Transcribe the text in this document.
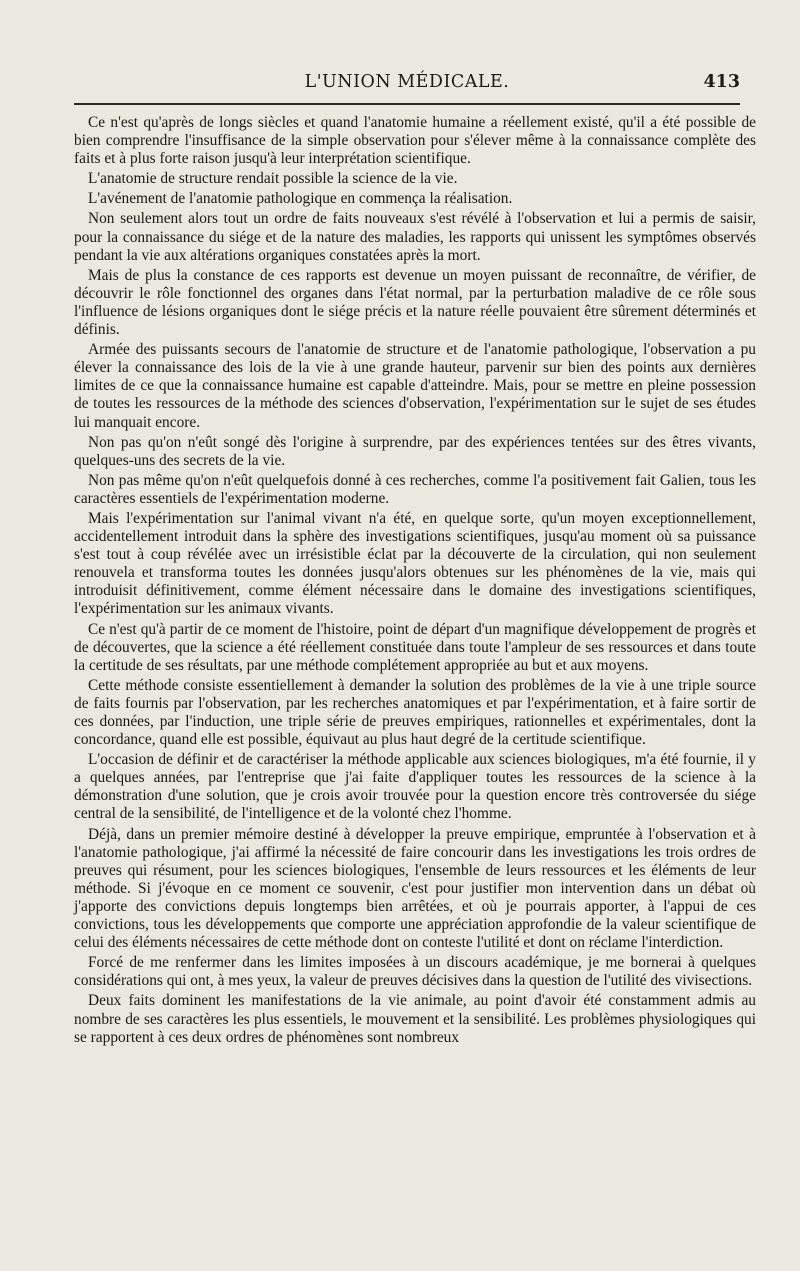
L'UNION MÉDICALE.	413

Ce n'est qu'après de longs siècles et quand l'anatomie humaine a réellement existé, qu'il a été possible de bien comprendre l'insuffisance de la simple observation pour s'élever même à la connaissance complète des faits et à plus forte raison jusqu'à leur interprétation scientifique.

L'anatomie de structure rendait possible la science de la vie.

L'avénement de l'anatomie pathologique en commença la réalisation.

Non seulement alors tout un ordre de faits nouveaux s'est révélé à l'observation et lui a permis de saisir, pour la connaissance du siége et de la nature des maladies, les rapports qui unissent les symptômes observés pendant la vie aux altérations organiques constatées après la mort.

Mais de plus la constance de ces rapports est devenue un moyen puissant de reconnaître, de vérifier, de découvrir le rôle fonctionnel des organes dans l'état normal, par la perturbation maladive de ce rôle sous l'influence de lésions organiques dont le siége précis et la nature réelle pouvaient être sûrement déterminés et définis.

Armée des puissants secours de l'anatomie de structure et de l'anatomie pathologique, l'observation a pu élever la connaissance des lois de la vie à une grande hauteur, parvenir sur bien des points aux dernières limites de ce que la connaissance humaine est capable d'atteindre. Mais, pour se mettre en pleine possession de toutes les ressources de la méthode des sciences d'observation, l'expérimentation sur le sujet de ses études lui manquait encore.

Non pas qu'on n'eût songé dès l'origine à surprendre, par des expériences tentées sur des êtres vivants, quelques-uns des secrets de la vie.

Non pas même qu'on n'eût quelquefois donné à ces recherches, comme l'a positivement fait Galien, tous les caractères essentiels de l'expérimentation moderne.

Mais l'expérimentation sur l'animal vivant n'a été, en quelque sorte, qu'un moyen exceptionnellement, accidentellement introduit dans la sphère des investigations scientifiques, jusqu'au moment où sa puissance s'est tout à coup révélée avec un irrésistible éclat par la découverte de la circulation, qui non seulement renouvela et transforma toutes les données jusqu'alors obtenues sur les phénomènes de la vie, mais qui introduisit définitivement, comme élément nécessaire dans le domaine des investigations scientifiques, l'expérimentation sur les animaux vivants.

Ce n'est qu'à partir de ce moment de l'histoire, point de départ d'un magnifique développement de progrès et de découvertes, que la science a été réellement constituée dans toute l'ampleur de ses ressources et dans toute la certitude de ses résultats, par une méthode complétement appropriée au but et aux moyens.

Cette méthode consiste essentiellement à demander la solution des problèmes de la vie à une triple source de faits fournis par l'observation, par les recherches anatomiques et par l'expérimentation, et à faire sortir de ces données, par l'induction, une triple série de preuves empiriques, rationnelles et expérimentales, dont la concordance, quand elle est possible, équivaut au plus haut degré de la certitude scientifique.

L'occasion de définir et de caractériser la méthode applicable aux sciences biologiques, m'a été fournie, il y a quelques années, par l'entreprise que j'ai faite d'appliquer toutes les ressources de la science à la démonstration d'une solution, que je crois avoir trouvée pour la question encore très controversée du siége central de la sensibilité, de l'intelligence et de la volonté chez l'homme.

Déjà, dans un premier mémoire destiné à développer la preuve empirique, empruntée à l'observation et à l'anatomie pathologique, j'ai affirmé la nécessité de faire concourir dans les investigations les trois ordres de preuves qui résument, pour les sciences biologiques, l'ensemble de leurs ressources et les éléments de leur méthode. Si j'évoque en ce moment ce souvenir, c'est pour justifier mon intervention dans un débat où j'apporte des convictions depuis longtemps bien arrêtées, et où je pourrais apporter, à l'appui de ces convictions, tous les développements que comporte une appréciation approfondie de la valeur scientifique de celui des éléments nécessaires de cette méthode dont on conteste l'utilité et dont on réclame l'interdiction.

Forcé de me renfermer dans les limites imposées à un discours académique, je me bornerai à quelques considérations qui ont, à mes yeux, la valeur de preuves décisives dans la question de l'utilité des vivisections.

Deux faits dominent les manifestations de la vie animale, au point d'avoir été constamment admis au nombre de ses caractères les plus essentiels, le mouvement et la sensibilité. Les problèmes physiologiques qui se rapportent à ces deux ordres de phénomènes sont nombreux
